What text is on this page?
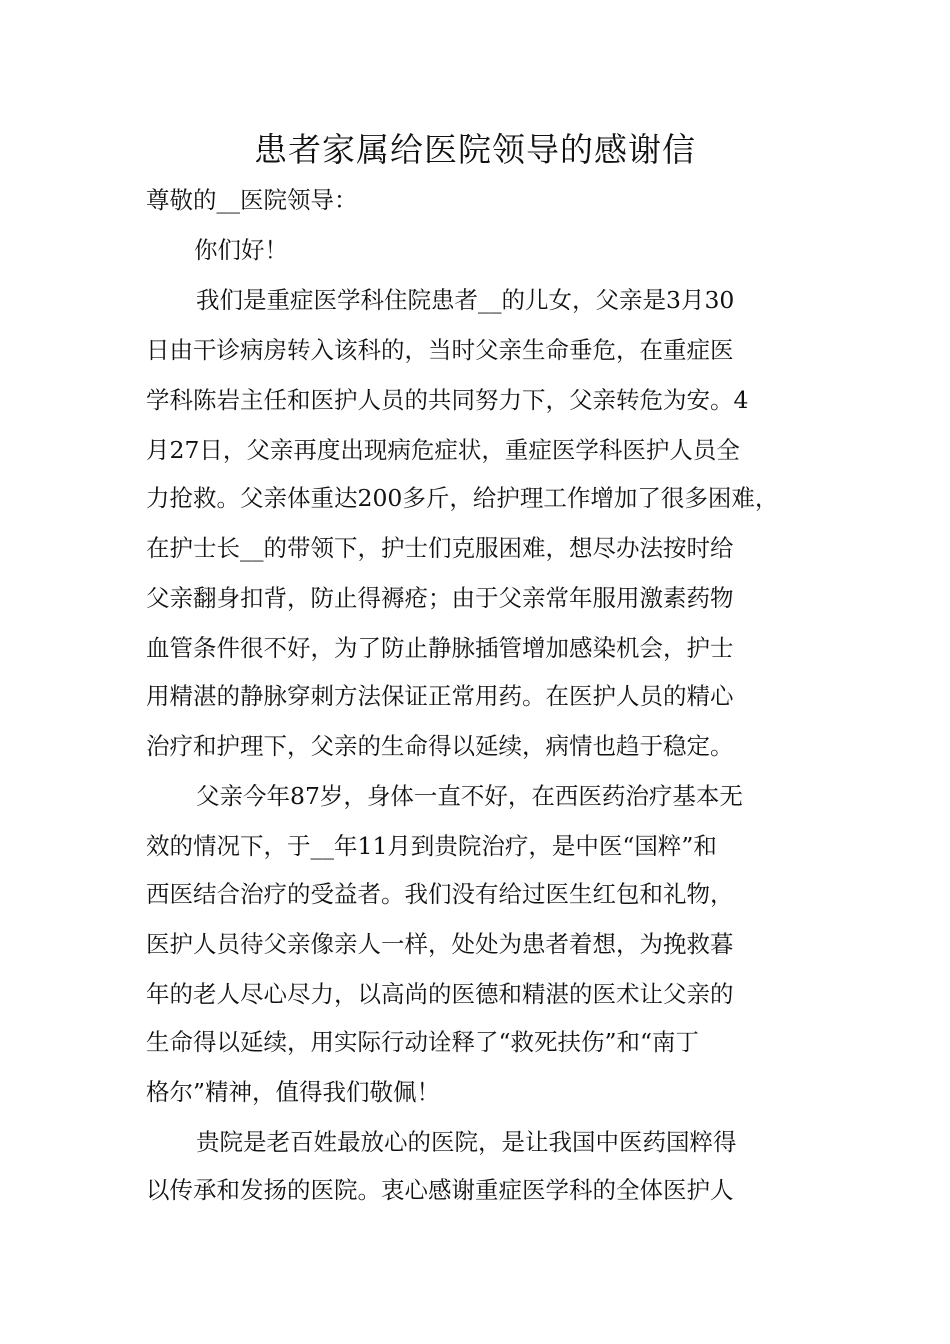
患者家属给医院领导的感谢信

尊敬的__医院领导：

你们好！

我们是重症医学科住院患者__的儿女，父亲是3月30

日由干诊病房转入该科的，当时父亲生命垂危，在重症医

学科陈岩主任和医护人员的共同努力下，父亲转危为安。4

月27日，父亲再度出现病危症状，重症医学科医护人员全

力抢救。父亲体重达200多斤，给护理工作增加了很多困难，

在护士长__的带领下，护士们克服困难，想尽办法按时给

父亲翻身扣背，防止得褥疮；由于父亲常年服用激素药物

血管条件很不好，为了防止静脉插管增加感染机会，护士

用精湛的静脉穿刺方法保证正常用药。在医护人员的精心

治疗和护理下，父亲的生命得以延续，病情也趋于稳定。

父亲今年87岁，身体一直不好，在西医药治疗基本无

效的情况下，于__年11月到贵院治疗，是中医“国粹”和

西医结合治疗的受益者。我们没有给过医生红包和礼物，

医护人员待父亲像亲人一样，处处为患者着想，为挽救暮

年的老人尽心尽力，以高尚的医德和精湛的医术让父亲的

生命得以延续，用实际行动诠释了“救死扶伤”和“南丁

格尔”精神，值得我们敬佩！

贵院是老百姓最放心的医院，是让我国中医药国粹得

以传承和发扬的医院。衷心感谢重症医学科的全体医护人
